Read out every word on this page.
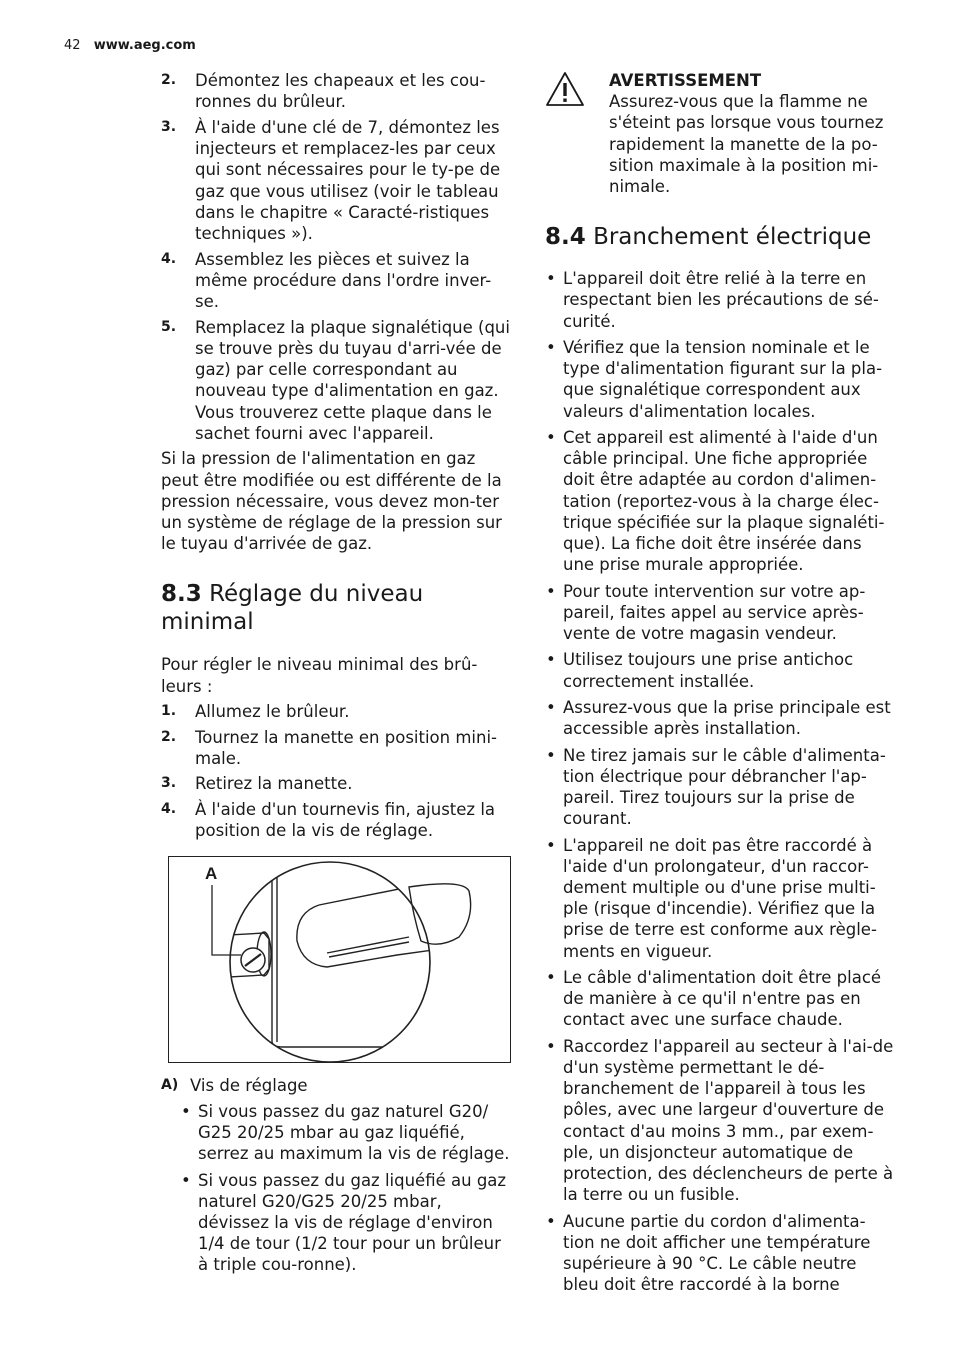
42 www.aeg.com
2. Démontez les chapeaux et les cou-ronnes du brûleur.
3. À l'aide d'une clé de 7, démontez les injecteurs et remplacez-les par ceux qui sont nécessaires pour le ty-pe de gaz que vous utilisez (voir le tableau dans le chapitre « Caracté-ristiques techniques »).
4. Assemblez les pièces et suivez la même procédure dans l'ordre inver-se.
5. Remplacez la plaque signalétique (qui se trouve près du tuyau d'arri-vée de gaz) par celle correspondant au nouveau type d'alimentation en gaz. Vous trouverez cette plaque dans le sachet fourni avec l'appareil.

Si la pression de l'alimentation en gaz peut être modifiée ou est différente de la pression nécessaire, vous devez mon-ter un système de réglage de la pression sur le tuyau d'arrivée de gaz.

8.3 Réglage du niveau minimal

Pour régler le niveau minimal des brû-leurs :

1. Allumez le brûleur.
2. Tournez la manette en position mini-male.
3. Retirez la manette.
4. À l'aide d'un tournevis fin, ajustez la position de la vis de réglage.
A
A) Vis de réglage
• Si vous passez du gaz naturel G20/ G25 20/25 mbar au gaz liquéfié, serrez au maximum la vis de réglage.
• Si vous passez du gaz liquéfié au gaz naturel G20/G25 20/25 mbar, dévissez la vis de réglage d'environ 1/4 de tour (1/2 tour pour un brûleur à triple cou-ronne).
AVERTISSEMENT
Assurez-vous que la flamme ne s'éteint pas lorsque vous tournez rapidement la manette de la po-sition maximale à la position mi-nimale.
8.4 Branchement électrique
• L'appareil doit être relié à la terre en respectant bien les précautions de sé-curité.
• Vérifiez que la tension nominale et le type d'alimentation figurant sur la pla-que signalétique correspondent aux valeurs d'alimentation locales.
• Cet appareil est alimenté à l'aide d'un câble principal. Une fiche appropriée doit être adaptée au cordon d'alimen-tation (reportez-vous à la charge élec-trique spécifiée sur la plaque signaléti-que). La fiche doit être insérée dans une prise murale appropriée.
• Pour toute intervention sur votre ap-pareil, faites appel au service après-vente de votre magasin vendeur.
• Utilisez toujours une prise antichoc correctement installée.
• Assurez-vous que la prise principale est accessible après installation.
• Ne tirez jamais sur le câble d'alimenta-tion électrique pour débrancher l'ap-pareil. Tirez toujours sur la prise de courant.
• L'appareil ne doit pas être raccordé à l'aide d'un prolongateur, d'un raccor-dement multiple ou d'une prise multi-ple (risque d'incendie). Vérifiez que la prise de terre est conforme aux règle-ments en vigueur.
• Le câble d'alimentation doit être placé de manière à ce qu'il n'entre pas en contact avec une surface chaude.
• Raccordez l'appareil au secteur à l'ai-de d'un système permettant le dé-branchement de l'appareil à tous les pôles, avec une largeur d'ouverture de contact d'au moins 3 mm., par exem-ple, un disjoncteur automatique de protection, des déclencheurs de perte à la terre ou un fusible.
• Aucune partie du cordon d'alimenta-tion ne doit afficher une température supérieure à 90 °C. Le câble neutre bleu doit être raccordé à la borne
